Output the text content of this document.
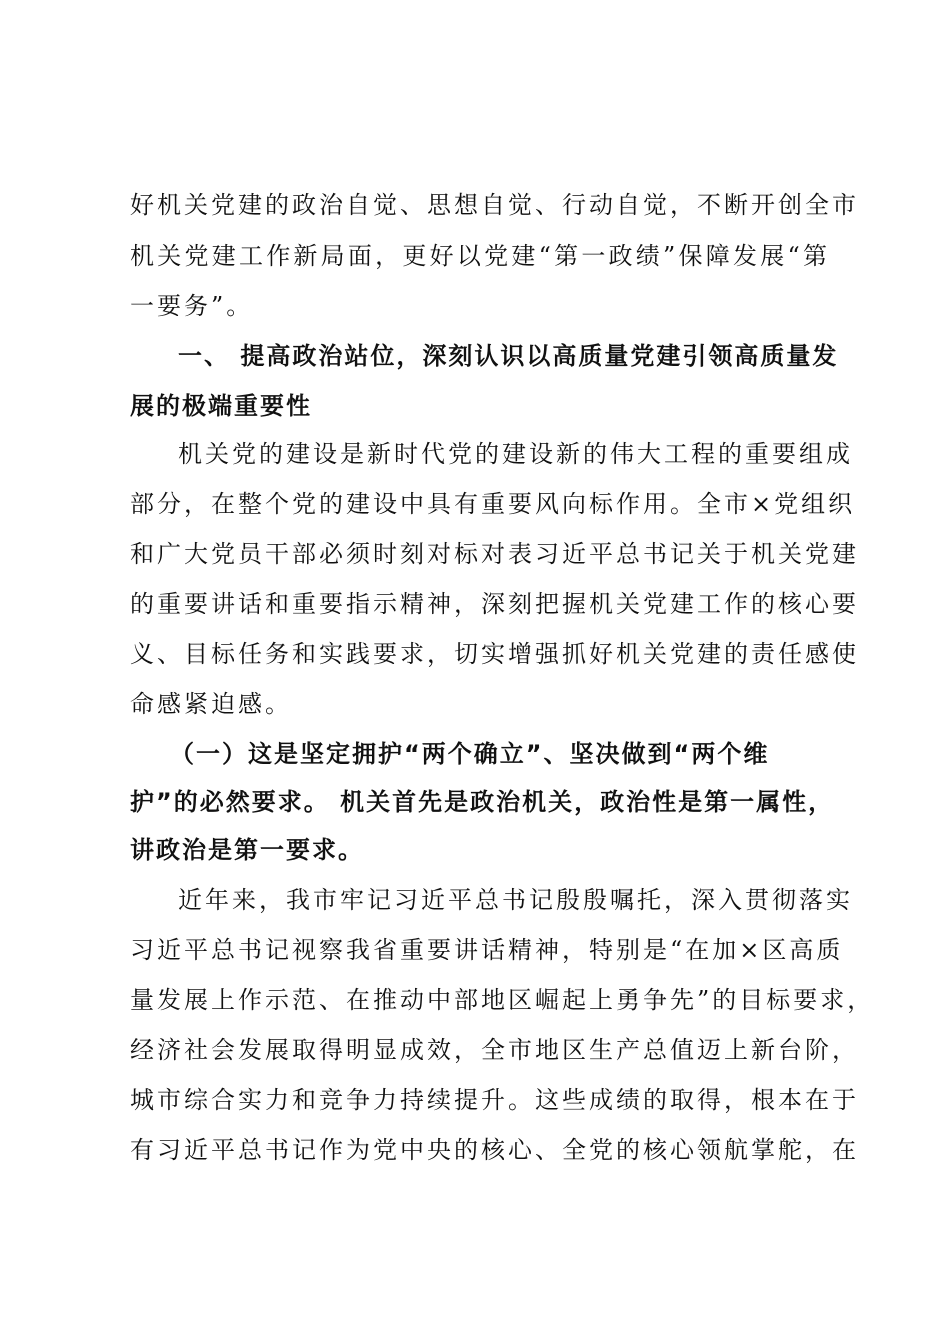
好机关党建的政治自觉、思想自觉、行动自觉，不断开创全市
机关党建工作新局面，更好以党建“第一政绩”保障发展“第
一要务”。
一、 提高政治站位，深刻认识以高质量党建引领高质量发
展的极端重要性
机关党的建设是新时代党的建设新的伟大工程的重要组成
部分，在整个党的建设中具有重要风向标作用。全市×党组织
和广大党员干部必须时刻对标对表习近平总书记关于机关党建
的重要讲话和重要指示精神，深刻把握机关党建工作的核心要
义、目标任务和实践要求，切实增强抓好机关党建的责任感使
命感紧迫感。
（一）这是坚定拥护“两个确立”、坚决做到“两个维
护”的必然要求。 机关首先是政治机关，政治性是第一属性，
讲政治是第一要求。
近年来，我市牢记习近平总书记殷殷嘱托，深入贯彻落实
习近平总书记视察我省重要讲话精神，特别是“在加×区高质
量发展上作示范、在推动中部地区崛起上勇争先”的目标要求，
经济社会发展取得明显成效，全市地区生产总值迈上新台阶，
城市综合实力和竞争力持续提升。这些成绩的取得，根本在于
有习近平总书记作为党中央的核心、全党的核心领航掌舵，在
